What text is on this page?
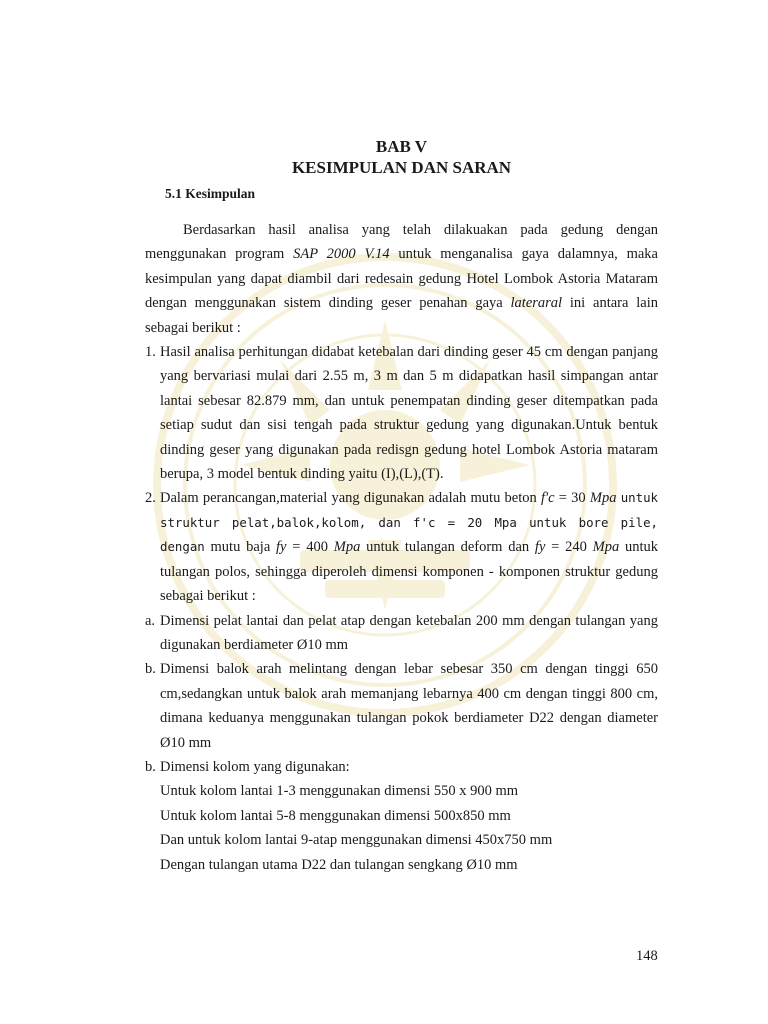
BAB V
KESIMPULAN DAN SARAN
5.1 Kesimpulan

Berdasarkan hasil analisa yang telah dilakuakan pada gedung dengan menggunakan program SAP 2000 V.14 untuk menganalisa gaya dalamnya, maka kesimpulan yang dapat diambil dari redesain gedung Hotel Lombok Astoria Mataram dengan menggunakan sistem dinding geser penahan gaya lateraral ini antara lain sebagai berikut :

1. Hasil analisa perhitungan didabat ketebalan dari dinding geser 45 cm dengan panjang yang bervariasi mulai dari 2.55 m, 3 m dan 5 m didapatkan hasil simpangan antar lantai sebesar 82.879 mm, dan untuk penempatan dinding geser ditempatkan pada setiap sudut dan sisi tengah pada struktur gedung yang digunakan.Untuk bentuk dinding geser yang digunakan pada redisgn gedung hotel Lombok Astoria mataram berupa, 3 model bentuk dinding yaitu (I),(L),(T).

2. Dalam perancangan,material yang digunakan adalah mutu beton f'c = 30 Mpa untuk struktur pelat,balok,kolom, dan f'c = 20 Mpa untuk bore pile, dengan mutu baja fy = 400 Mpa untuk tulangan deform dan fy = 240 Mpa untuk tulangan polos, sehingga diperoleh dimensi komponen - komponen struktur gedung sebagai berikut :

a. Dimensi pelat lantai dan pelat atap dengan ketebalan 200 mm dengan tulangan yang digunakan berdiameter Ø10 mm

b. Dimensi balok arah melintang dengan lebar sebesar 350 cm dengan tinggi 650 cm,sedangkan untuk balok arah memanjang lebarnya 400 cm dengan tinggi 800 cm, dimana keduanya menggunakan tulangan pokok berdiameter D22 dengan diameter Ø10 mm

b. Dimensi kolom yang digunakan:

Untuk kolom lantai 1-3 menggunakan dimensi 550 x 900 mm

Untuk kolom lantai 5-8 menggunakan dimensi 500x850 mm

Dan untuk kolom lantai 9-atap menggunakan dimensi 450x750 mm

Dengan tulangan utama D22 dan tulangan sengkang Ø10 mm

148
